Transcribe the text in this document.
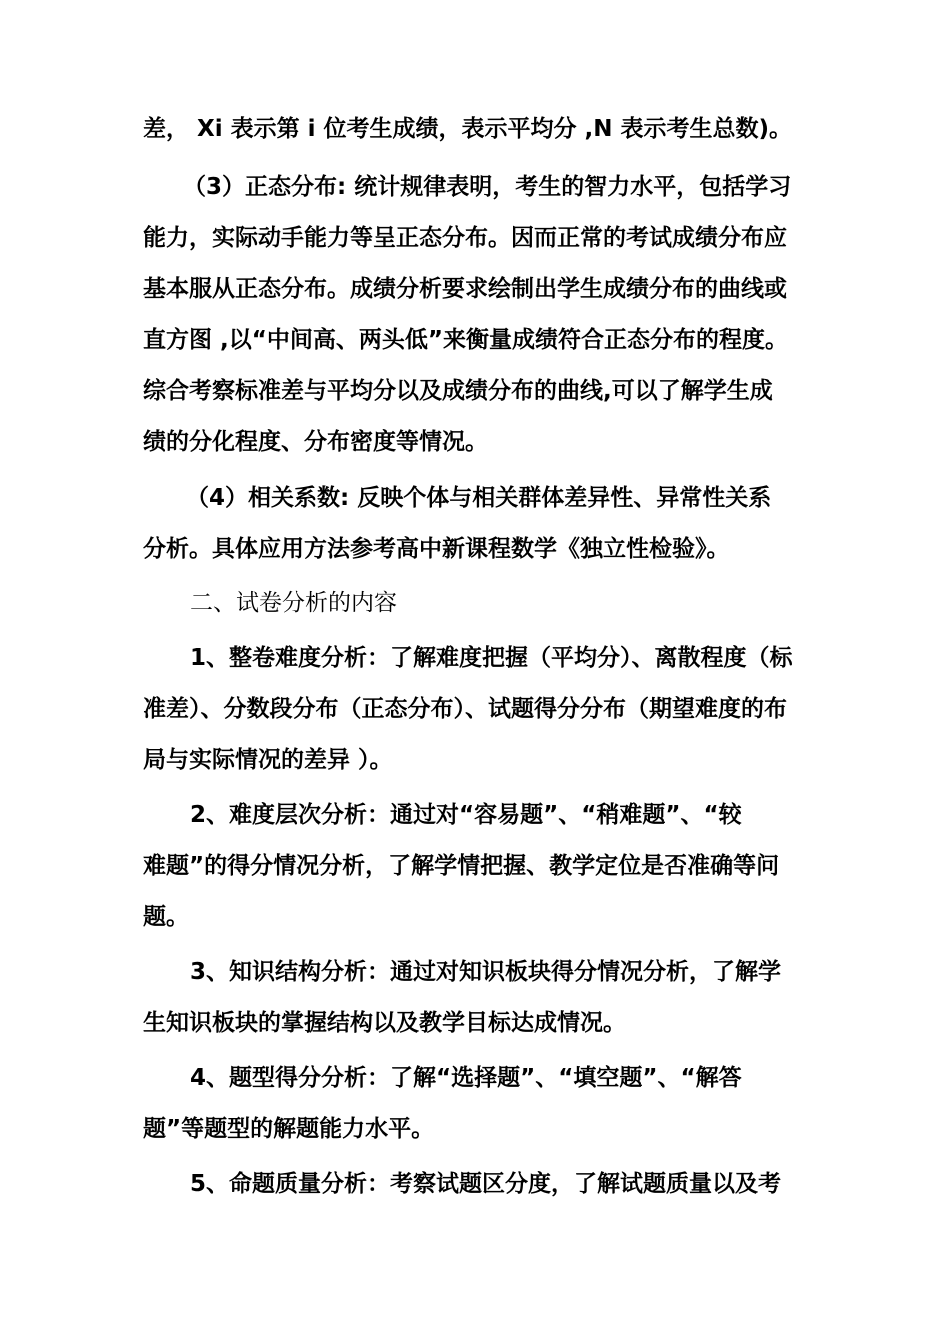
差， Xi 表示第 i 位考生成绩，表示平均分 ,N 表示考生总数)。
（3）正态分布: 统计规律表明，考生的智力水平，包括学习
能力，实际动手能力等呈正态分布。因而正常的考试成绩分布应
基本服从正态分布。成绩分析要求绘制出学生成绩分布的曲线或
直方图 ,以“中间高、两头低”来衡量成绩符合正态分布的程度。
综合考察标准差与平均分以及成绩分布的曲线,可以了解学生成
绩的分化程度、分布密度等情况。
（4）相关系数: 反映个体与相关群体差异性、异常性关系
分析。具体应用方法参考高中新课程数学《独立性检验》。
二、试卷分析的内容
1、整卷难度分析：了解难度把握（平均分）、离散程度（标
准差）、分数段分布（正态分布）、试题得分分布（期望难度的布
局与实际情况的差异 ）。
2、难度层次分析：通过对“容易题”、“稍难题”、“较
难题”的得分情况分析，了解学情把握、教学定位是否准确等问
题。
3、知识结构分析：通过对知识板块得分情况分析，了解学
生知识板块的掌握结构以及教学目标达成情况。
4、题型得分分析：了解“选择题”、“填空题”、“解答
题”等题型的解题能力水平。
5、命题质量分析：考察试题区分度，了解试题质量以及考
